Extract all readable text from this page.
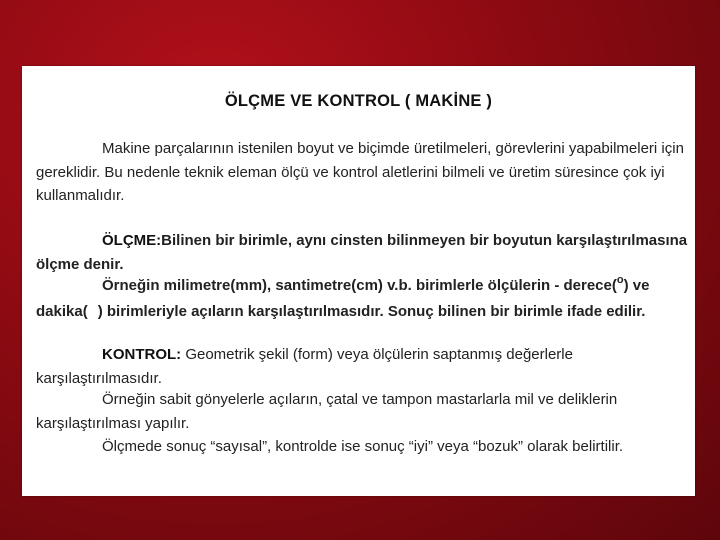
ÖLÇME VE KONTROL ( MAKİNE )
Makine parçalarının istenilen boyut ve biçimde üretilmeleri, görevlerini yapabilmeleri için gereklidir. Bu nedenle teknik eleman ölçü ve kontrol aletlerini bilmeli ve üretim süresince çok iyi kullanmalıdır.
ÖLÇME:Bilinen bir birimle, aynı cinsten bilinmeyen bir boyutun karşılaştırılmasına ölçme denir.
Örneğin milimetre(mm), santimetre(cm) v.b. birimlerle ölçülerin - derece($^o$) ve dakika( ) birimleriyle açıların karşılaştırılmasıdır. Sonuç bilinen bir birimle ifade edilir.
KONTROL: Geometrik şekil (form) veya ölçülerin saptanmış değerlerle karşılaştırılmasıdır.
Örneğin sabit gönyelerle açıların, çatal ve tampon mastarlarla mil ve deliklerin karşılaştırılması yapılır.
Ölçmede sonuç “sayısal”, kontrolde ise sonuç “iyi” veya “bozuk” olarak belirtilir.
